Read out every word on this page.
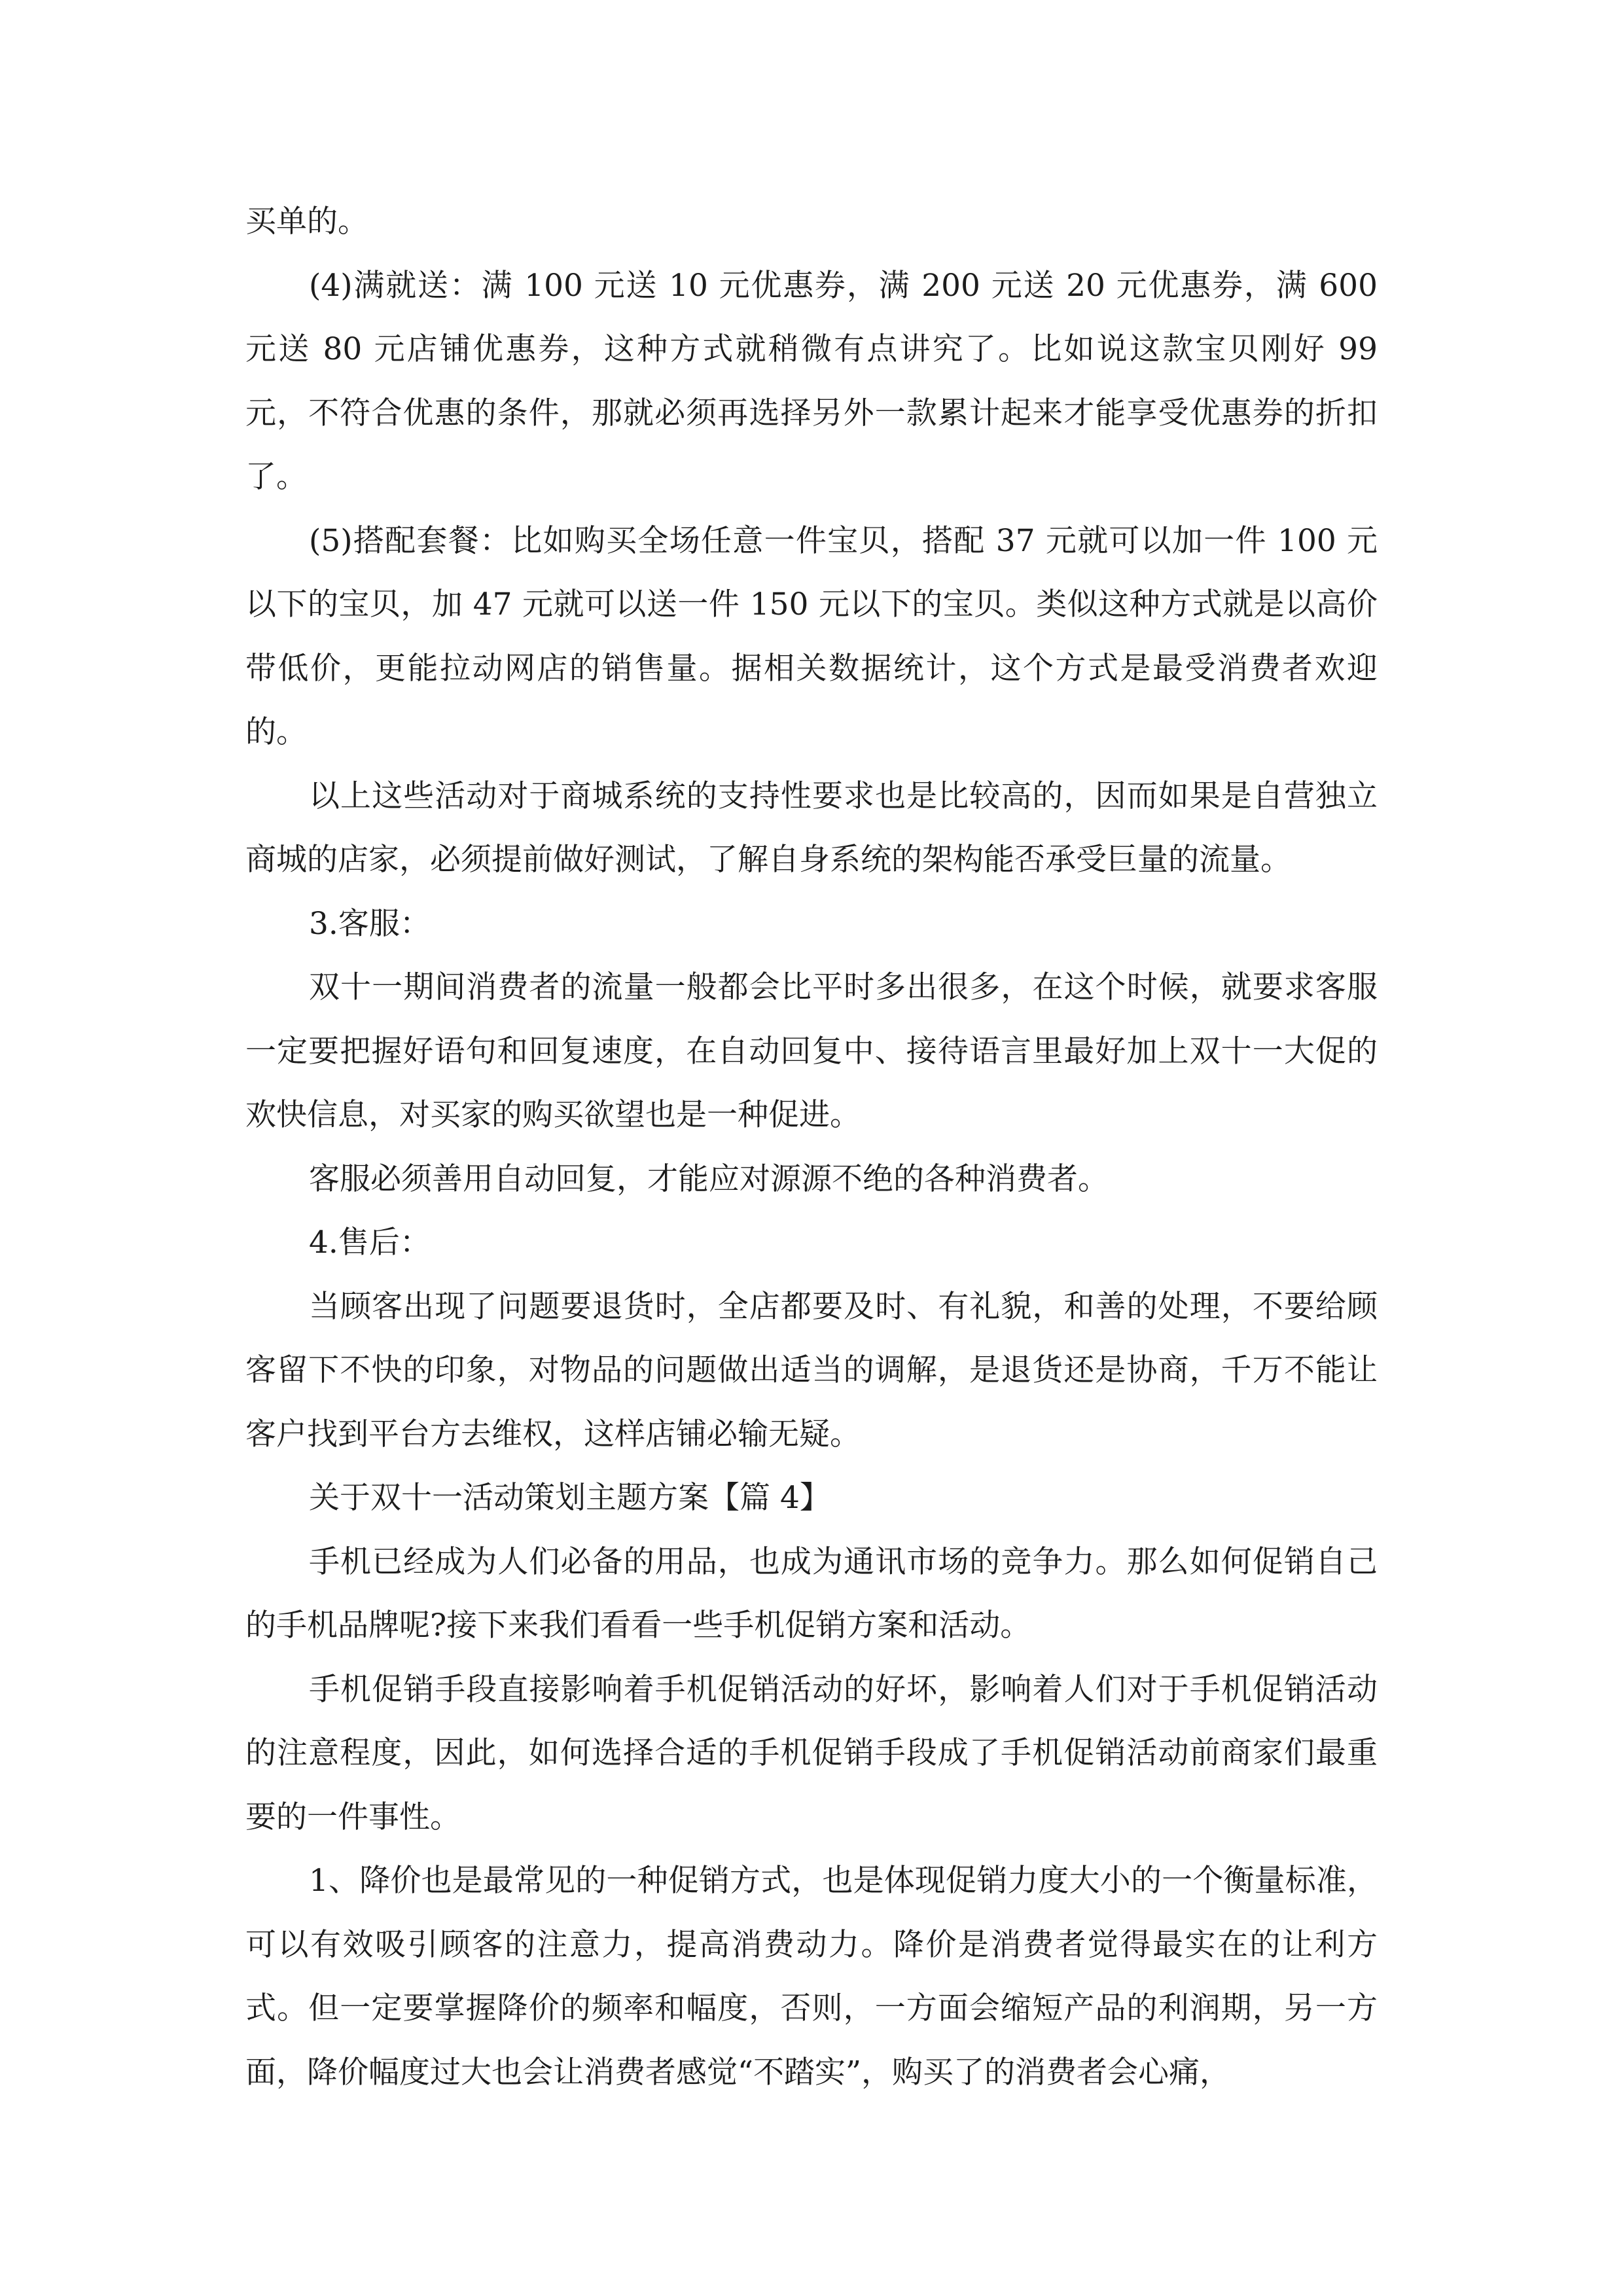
买单的。

(4)满就送：满 100 元送 10 元优惠券，满 200 元送 20 元优惠券，满 600 元送 80 元店铺优惠券，这种方式就稍微有点讲究了。比如说这款宝贝刚好 99 元，不符合优惠的条件，那就必须再选择另外一款累计起来才能享受优惠券的折扣了。

(5)搭配套餐：比如购买全场任意一件宝贝，搭配 37 元就可以加一件 100 元以下的宝贝，加 47 元就可以送一件 150 元以下的宝贝。类似这种方式就是以高价带低价，更能拉动网店的销售量。据相关数据统计，这个方式是最受消费者欢迎的。

以上这些活动对于商城系统的支持性要求也是比较高的，因而如果是自营独立商城的店家，必须提前做好测试，了解自身系统的架构能否承受巨量的流量。

3.客服：

双十一期间消费者的流量一般都会比平时多出很多，在这个时候，就要求客服一定要把握好语句和回复速度，在自动回复中、接待语言里最好加上双十一大促的欢快信息，对买家的购买欲望也是一种促进。

客服必须善用自动回复，才能应对源源不绝的各种消费者。

4.售后：

当顾客出现了问题要退货时，全店都要及时、有礼貌，和善的处理，不要给顾客留下不快的印象，对物品的问题做出适当的调解，是退货还是协商，千万不能让客户找到平台方去维权，这样店铺必输无疑。

关于双十一活动策划主题方案【篇 4】

手机已经成为人们必备的用品，也成为通讯市场的竞争力。那么如何促销自己的手机品牌呢?接下来我们看看一些手机促销方案和活动。

手机促销手段直接影响着手机促销活动的好坏，影响着人们对于手机促销活动的注意程度，因此，如何选择合适的手机促销手段成了手机促销活动前商家们最重要的一件事性。

1、降价也是最常见的一种促销方式，也是体现促销力度大小的一个衡量标准，可以有效吸引顾客的注意力，提高消费动力。降价是消费者觉得最实在的让利方式。但一定要掌握降价的频率和幅度，否则，一方面会缩短产品的利润期，另一方面，降价幅度过大也会让消费者感觉“不踏实”，购买了的消费者会心痛，
